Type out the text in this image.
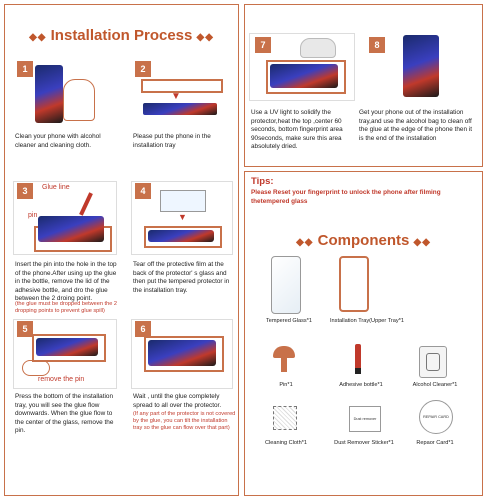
◆◆ Installation Process ◆◆
1
Clean your phone with alcohol cleaner and cleaning cloth.
2
▼
Please put the phone in the installation tray
3	Glue line
pin
Insert the pin into the hole in the top of the phone.After using up the glue in the bottle, remove the lid of the adhesive bottle, and dro the glue between the 2 droing point.
(the glue must be dropped between the 2 dropping points to prevent glue spill)
4
▼
Tear off the protective film at the back of the protector' s glass and then put the tempered protector in the installation tray.
5
remove the pin
Press the bottom of the installation tray, you will see the glue flow downwards. When the glue flow to the center of the glass, remove the pin.
6
Wait , until the glue completely spread to all over the protector.
(If any part of the protector is not covered by the glue, you can tilt the installation tray so the glue can flow over that part)
7
Use a UV light to solidify the protector,heat the top ,center 60 seconds, bottom fingerprint area 90seconds, make sure this area absolutely dried.
8
Get your phone out of the installation tray,and use the alcohol bag to clean off the glue at the edge of the phone then it is the end of the installation
Tips:
Please Reset your fingerprint to unlock the phone after filming thetempered glass
◆◆ Components ◆◆
Tempered Glass*1	Installation Tray(Upper Tray*1
Pin*1	Adhesive bottle*1	Alcohol Cleaner*1
Cleaning Cloth*1
Dust remover
Dust Remover Sticker*1
REPAIR CARD
Repaor Card*1
